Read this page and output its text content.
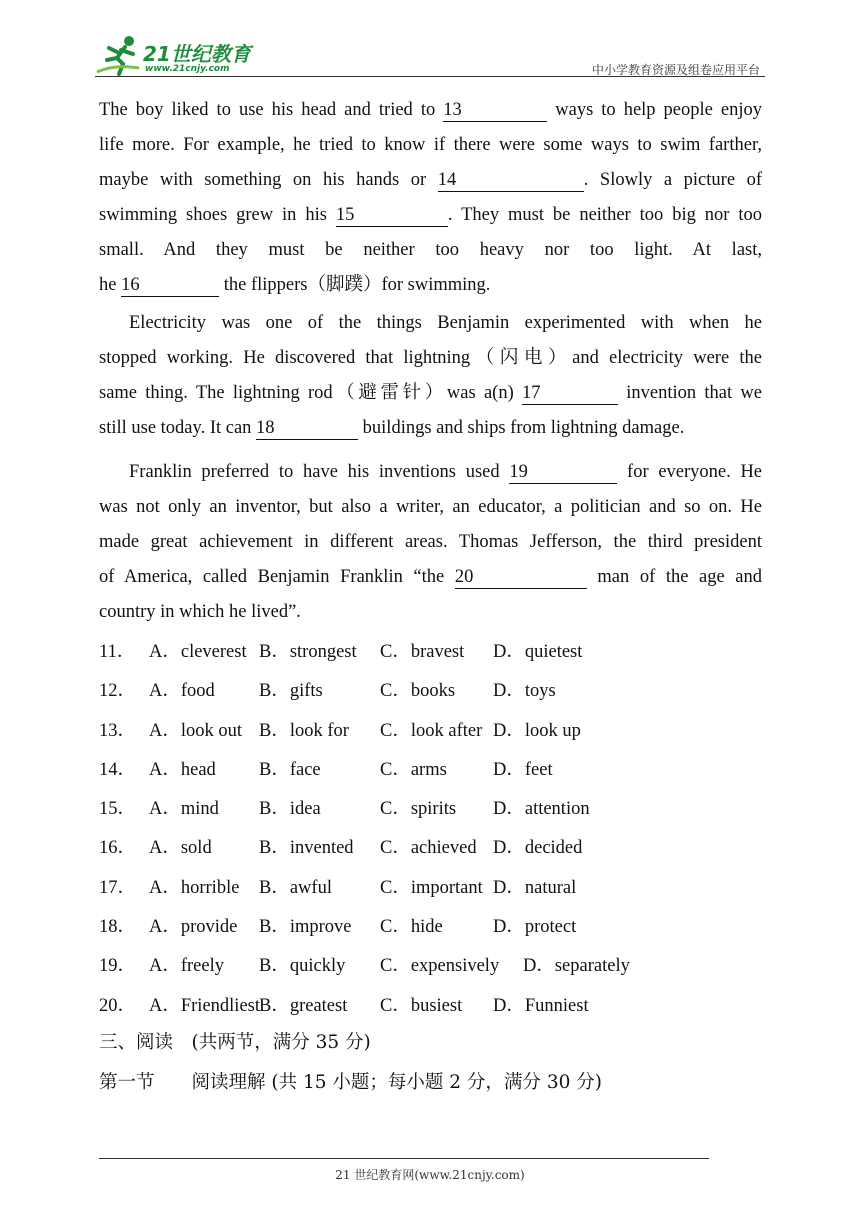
21世纪教育
www.21cnjy.com	中小学教育资源及组卷应用平台
The boy liked to use his head and tried to 13	ways to help people enjoy
life more. For example, he tried to know if there were some ways to swim farther,
maybe with something on his hands or 14	. Slowly a picture of
swimming shoes grew in his 15	. They must be neither too big nor too
small. And they must be neither too heavy nor too light. At last,
he 16	the flippers（脚蹼）for swimming.
Electricity was one of the things Benjamin experimented with when he
stopped working. He discovered that lightning（闪电）and electricity were the
same thing. The lightning rod（避雷针）was a(n) 17	invention that we
still use today. It can 18	buildings and ships from lightning damage.
Franklin preferred to have his inventions used 19	for everyone. He
was not only an inventor, but also a writer, an educator, a politician and so on. He
made great achievement in different areas. Thomas Jefferson, the third president
of America, called Benjamin Franklin “the 20	man of the age and
country in which he lived”.
11． A．cleverest B．strongest C．bravest D．quietest
12． A．food B．gifts	C．books D．toys
13． A．look out B．look for C．look after D．look up
14． A．head B．face	C．arms D．feet
15． A．mind B．idea	C．spirits D．attention
16． A．sold	B．invented C．achieved D．decided
17． A．horrible B．awful	C．important D．natural
18． A．provide B．improve C．hide	D．protect
19． A．freely B．quickly C．expensively D．separately
20． A．Friendliest B．greatest C．busiest D．Funniest
三、阅读　(共两节，满分 35 分)
第一节　　阅读理解 (共 15 小题；每小题 2 分，满分 30 分)
21 世纪教育网(www.21cnjy.com)
